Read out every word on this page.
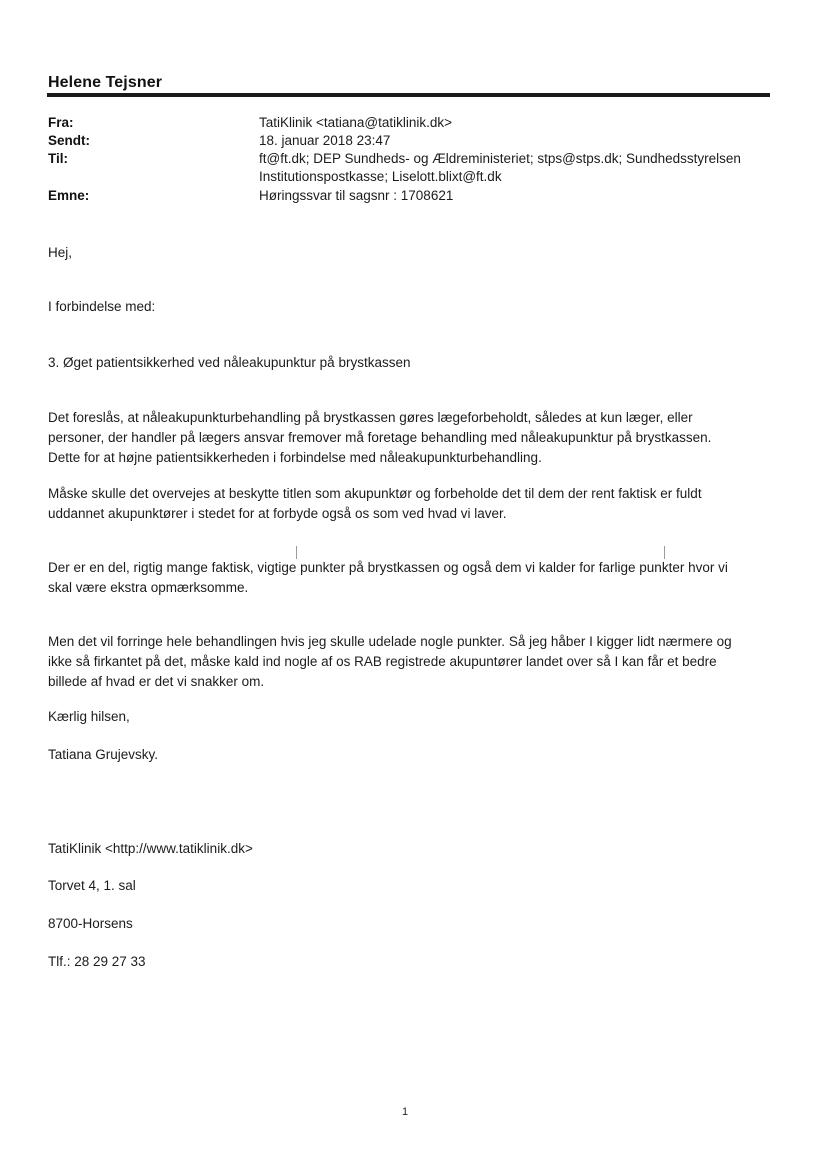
Helene Tejsner
Fra:	TatiKlinik <tatiana@tatiklinik.dk>
Sendt:	18. januar 2018 23:47
Til:	ft@ft.dk; DEP Sundheds- og Ældreministeriet; stps@stps.dk; Sundhedsstyrelsen
Institutionspostkasse; Liselott.blixt@ft.dk
Emne:	Høringssvar til sagsnr : 1708621
Hej,
I forbindelse med:
3. Øget patientsikkerhed ved nåleakupunktur på brystkassen
Det foreslås, at nåleakupunkturbehandling på brystkassen gøres lægeforbeholdt, således at kun læger, eller
personer, der handler på lægers ansvar fremover må foretage behandling med nåleakupunktur på brystkassen.
Dette for at højne patientsikkerheden i forbindelse med nåleakupunkturbehandling.
Måske skulle det overvejes at beskytte titlen som akupunktør og forbeholde det til dem der rent faktisk er fuldt
uddannet akupunktører i stedet for at forbyde også os som ved hvad vi laver.
Der er en del, rigtig mange faktisk, vigtige punkter på brystkassen og også dem vi kalder for farlige punkter hvor vi
skal være ekstra opmærksomme.
Men det vil forringe hele behandlingen hvis jeg skulle udelade nogle punkter. Så jeg håber I kigger lidt nærmere og
ikke så firkantet på det, måske kald ind nogle af os RAB registrede akupuntører landet over så I kan får et bedre
billede af hvad er det vi snakker om.
Kærlig hilsen,
Tatiana Grujevsky.
TatiKlinik <http://www.tatiklinik.dk>
Torvet 4, 1. sal
8700-Horsens
Tlf.: 28 29 27 33
1
